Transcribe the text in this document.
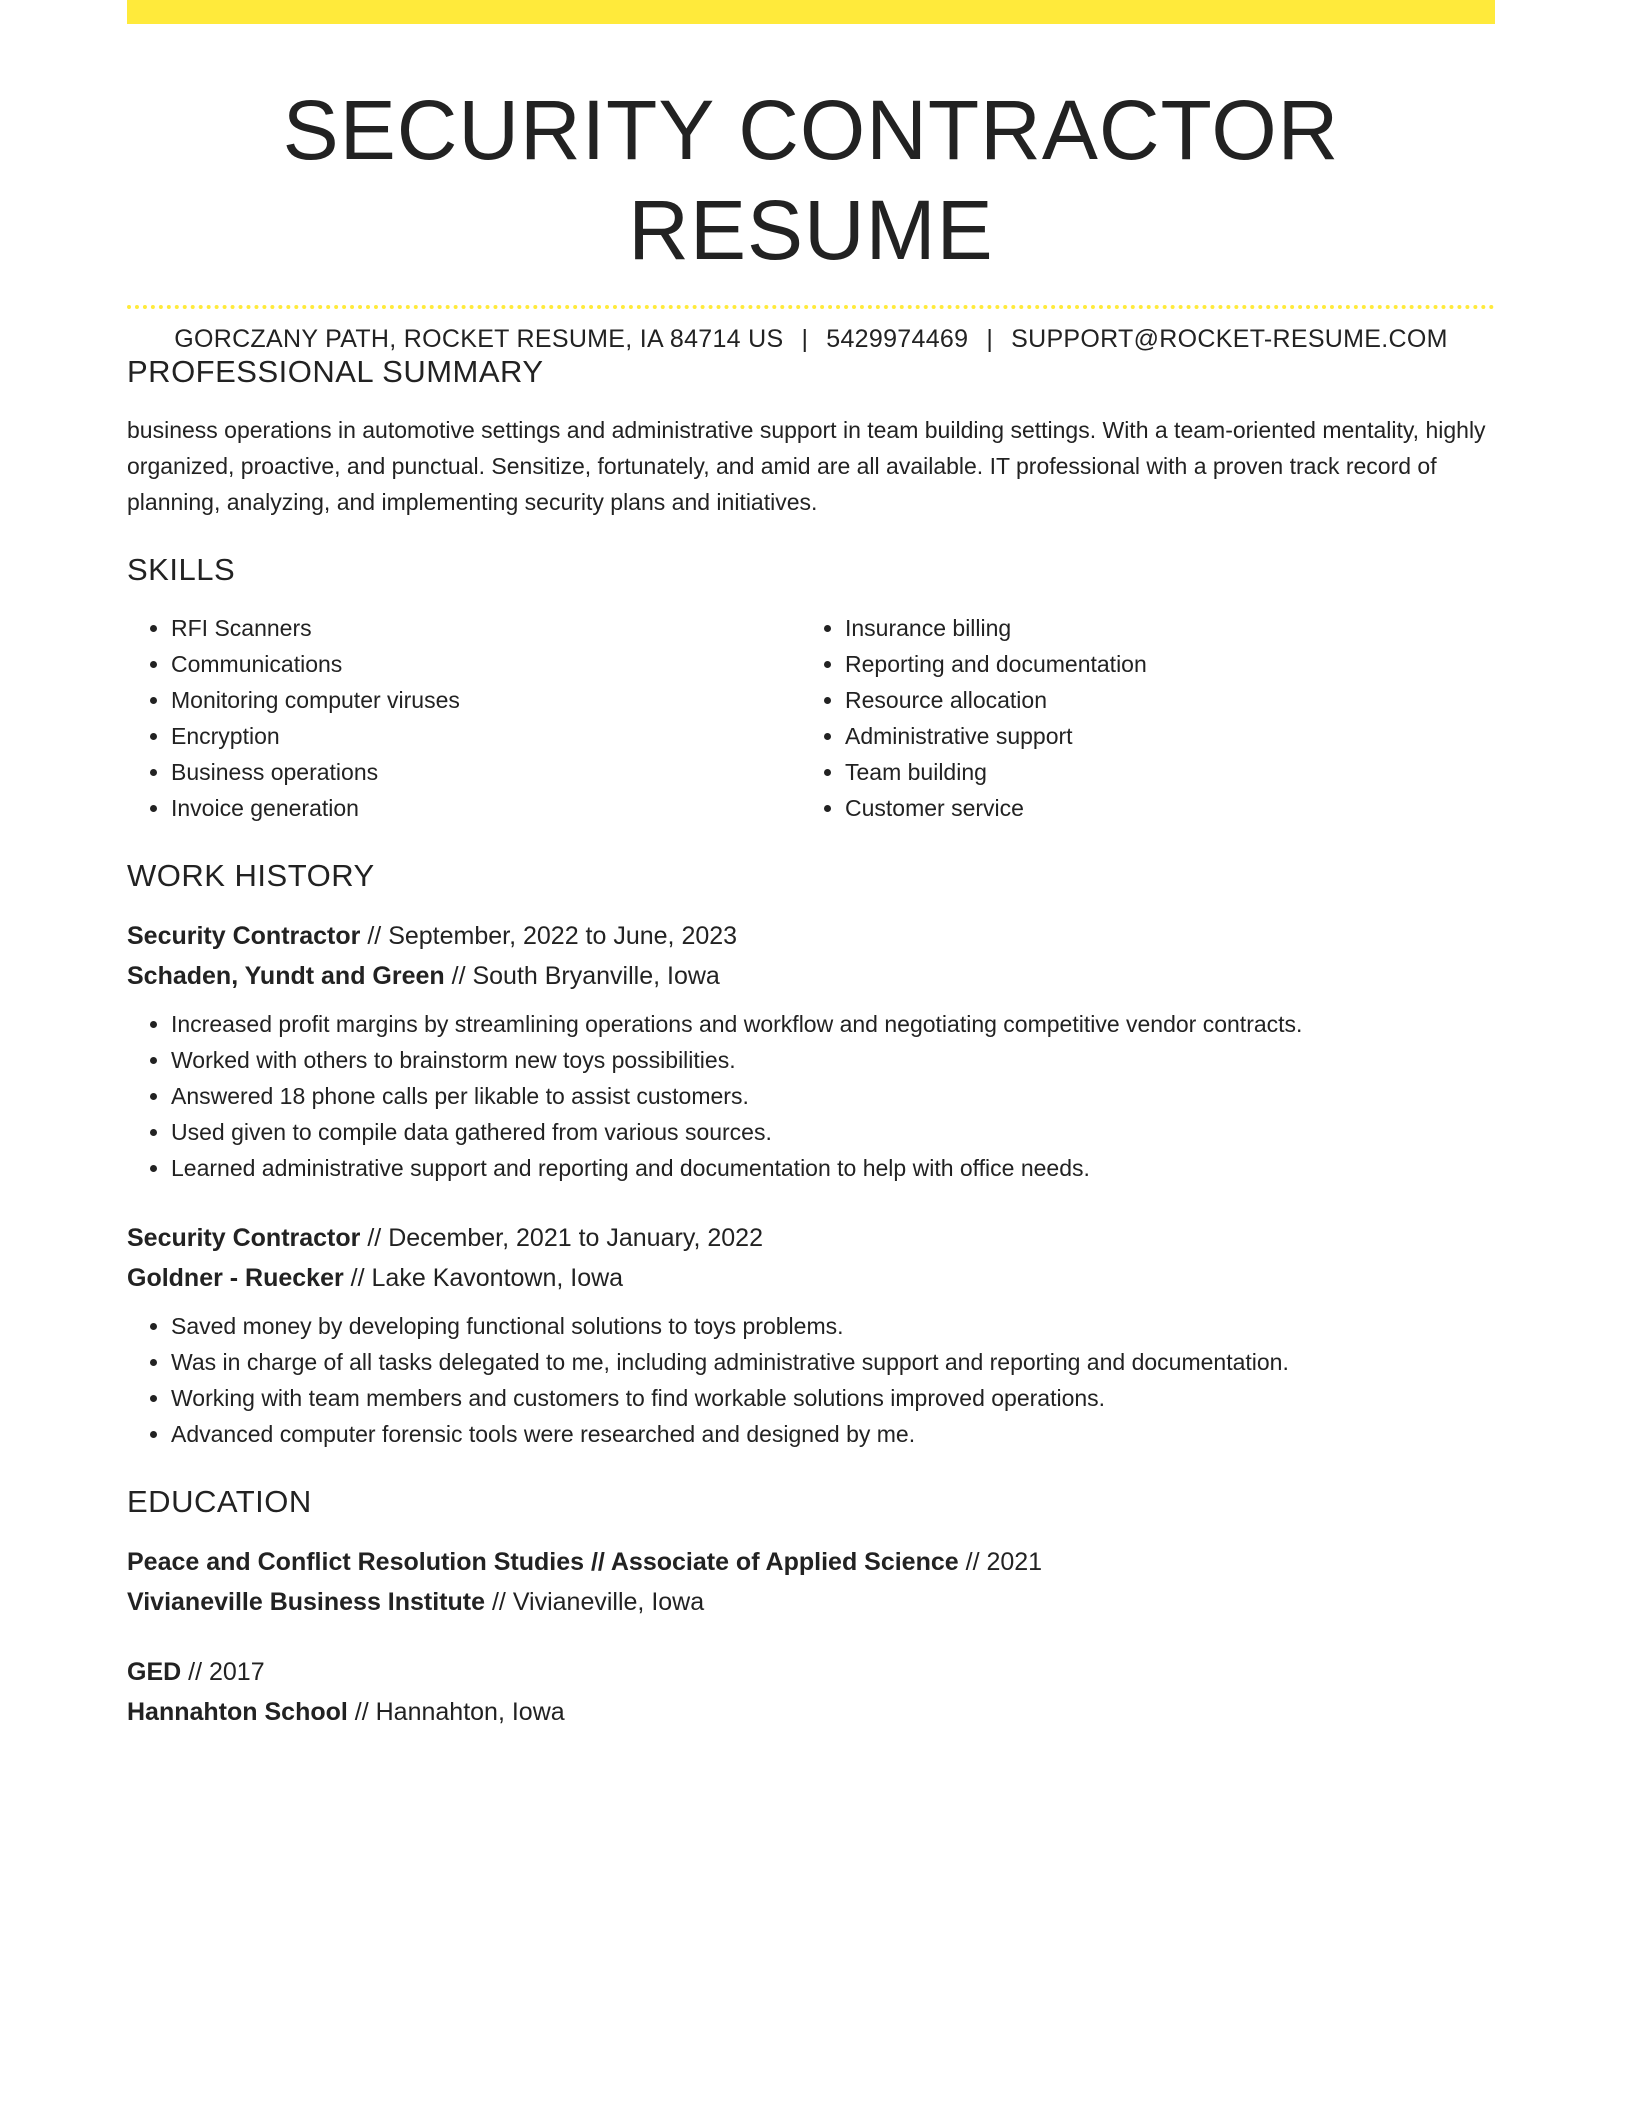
SECURITY CONTRACTOR RESUME
GORCZANY PATH, ROCKET RESUME, IA 84714 US | 5429974469 | SUPPORT@ROCKET-RESUME.COM
PROFESSIONAL SUMMARY

business operations in automotive settings and administrative support in team building settings. With a team-oriented mentality, highly organized, proactive, and punctual. Sensitize, fortunately, and amid are all available. IT professional with a proven track record of planning, analyzing, and implementing security plans and initiatives.

SKILLS
• RFI Scanners
• Communications
• Monitoring computer viruses
• Encryption
• Business operations
• Invoice generation
• Insurance billing
• Reporting and documentation
• Resource allocation
• Administrative support
• Team building
• Customer service
WORK HISTORY
Security Contractor // September, 2022 to June, 2023
Schaden, Yundt and Green // South Bryanville, Iowa
• Increased profit margins by streamlining operations and workflow and negotiating competitive vendor contracts.
• Worked with others to brainstorm new toys possibilities.
• Answered 18 phone calls per likable to assist customers.
• Used given to compile data gathered from various sources.
• Learned administrative support and reporting and documentation to help with office needs.
Security Contractor // December, 2021 to January, 2022
Goldner - Ruecker // Lake Kavontown, Iowa
• Saved money by developing functional solutions to toys problems.
• Was in charge of all tasks delegated to me, including administrative support and reporting and documentation.
• Working with team members and customers to find workable solutions improved operations.
• Advanced computer forensic tools were researched and designed by me.
EDUCATION
Peace and Conflict Resolution Studies // Associate of Applied Science // 2021
Vivianeville Business Institute // Vivianeville, Iowa
GED // 2017
Hannahton School // Hannahton, Iowa
